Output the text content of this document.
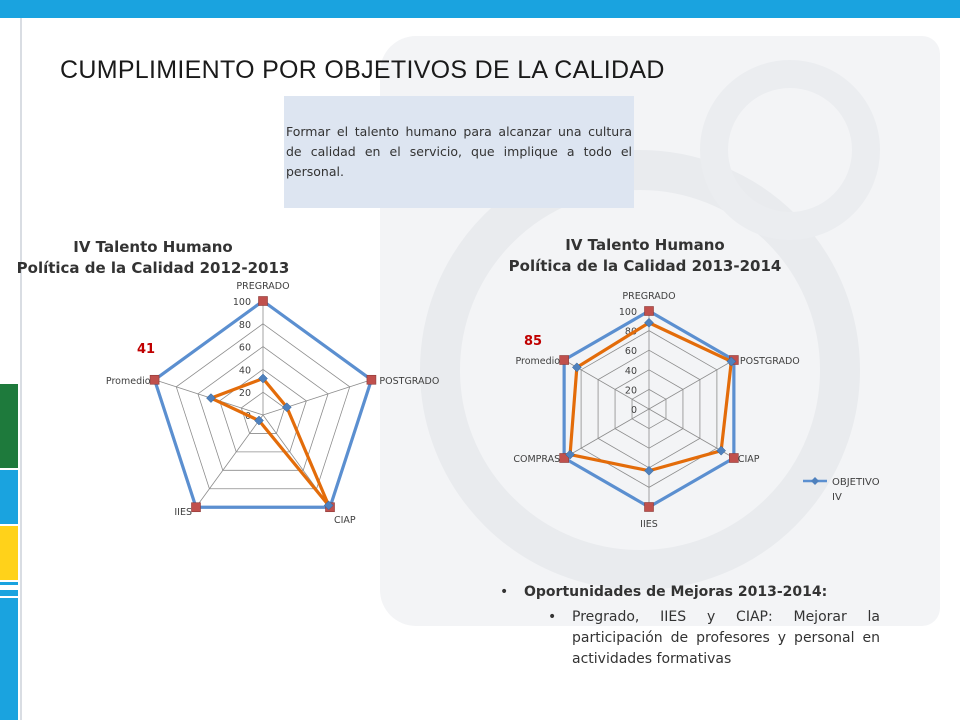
CUMPLIMIENTO POR OBJETIVOS DE LA CALIDAD
Formar el talento humano para alcanzar una cultura de calidad en el servicio, que implique a todo el personal.
IV Talento Humano
Política de la Calidad 2012-2013
IV Talento Humano
Política de la Calidad 2013-2014
0
20
40
60
80
100
PREGRADO
POSTGRADO
CIAP
IIES
Promedio
41
0
20
40
60
80
100
PREGRADO
POSTGRADO
CIAP
IIES
COMPRAS
Promedio
85
OBJETIVO
IV
• Oportunidades de Mejoras 2013-2014:
• Pregrado, IIES y CIAP: Mejorar la participación de profesores y personal en actividades formativas
